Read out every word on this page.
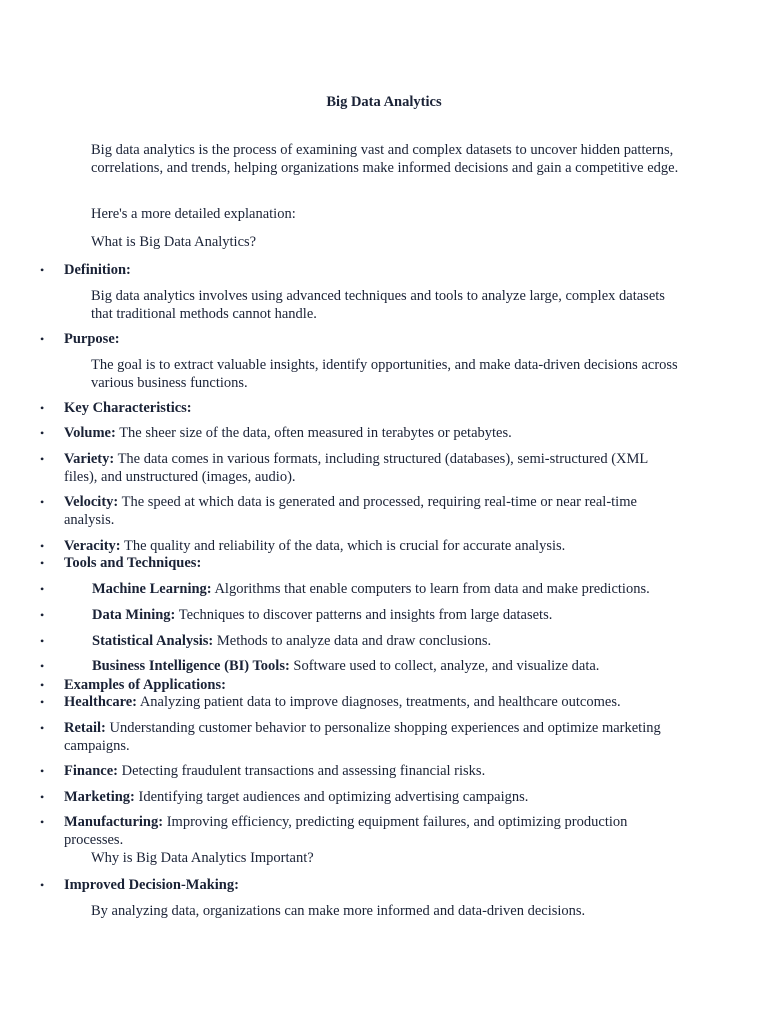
Big Data Analytics

Big data analytics is the process of examining vast and complex datasets to uncover hidden patterns, correlations, and trends, helping organizations make informed decisions and gain a competitive edge.

Here's a more detailed explanation:

What is Big Data Analytics?

• Definition:

Big data analytics involves using advanced techniques and tools to analyze large, complex datasets that traditional methods cannot handle.

• Purpose:

The goal is to extract valuable insights, identify opportunities, and make data-driven decisions across various business functions.

• Key Characteristics:
• Volume: The sheer size of the data, often measured in terabytes or petabytes.
• Variety: The data comes in various formats, including structured (databases), semi-structured (XML files), and unstructured (images, audio).
• Velocity: The speed at which data is generated and processed, requiring real-time or near real-time analysis.
• Veracity: The quality and reliability of the data, which is crucial for accurate analysis.
• Tools and Techniques:
•	Machine Learning: Algorithms that enable computers to learn from data and make predictions.
•	Data Mining: Techniques to discover patterns and insights from large datasets.
•	Statistical Analysis: Methods to analyze data and draw conclusions.
•	Business Intelligence (BI) Tools: Software used to collect, analyze, and visualize data.
• Examples of Applications:
• Healthcare: Analyzing patient data to improve diagnoses, treatments, and healthcare outcomes.
• Retail: Understanding customer behavior to personalize shopping experiences and optimize marketing campaigns.
• Finance: Detecting fraudulent transactions and assessing financial risks.
• Marketing: Identifying target audiences and optimizing advertising campaigns.
• Manufacturing: Improving efficiency, predicting equipment failures, and optimizing production processes.

Why is Big Data Analytics Important?

• Improved Decision-Making:

By analyzing data, organizations can make more informed and data-driven decisions.
